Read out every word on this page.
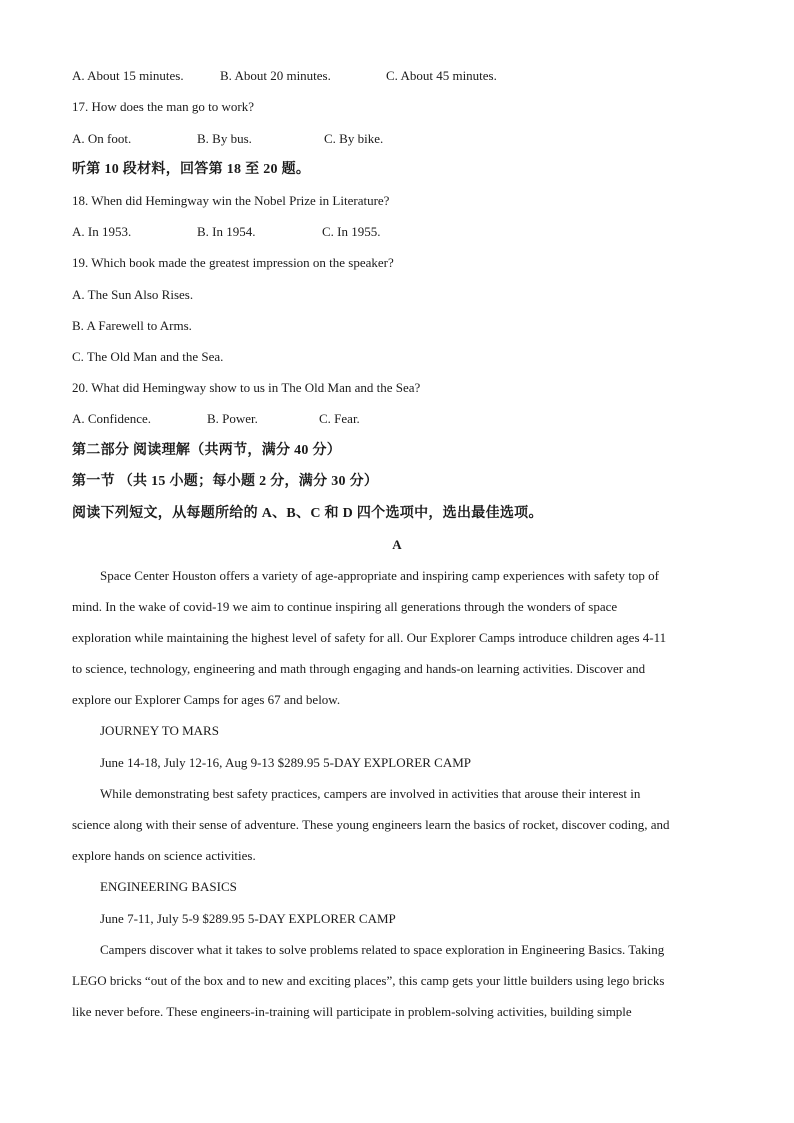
A. About 15 minutes.	B. About 20 minutes.	C. About 45 minutes.
17. How does the man go to work?
A. On foot.	B. By bus.	C. By bike.
听第 10 段材料，回答第 18 至 20 题。
18. When did Hemingway win the Nobel Prize in Literature?
A. In 1953.	B. In 1954.	C. In 1955.
19. Which book made the greatest impression on the speaker?
A. The Sun Also Rises.
B. A Farewell to Arms.
C. The Old Man and the Sea.
20. What did Hemingway show to us in The Old Man and the Sea?
A. Confidence.	B. Power.	C. Fear.
第二部分 阅读理解（共两节，满分 40 分）
第一节 （共 15 小题；每小题 2 分，满分 30 分）
阅读下列短文，从每题所给的 A、B、C 和 D 四个选项中，选出最佳选项。
A
Space Center Houston offers a variety of age-appropriate and inspiring camp experiences with safety top of
mind. In the wake of covid-19 we aim to continue inspiring all generations through the wonders of space
exploration while maintaining the highest level of safety for all. Our Explorer Camps introduce children ages 4-11
to science, technology, engineering and math through engaging and hands-on learning activities. Discover and
explore our Explorer Camps for ages 67 and below.
JOURNEY TO MARS
June 14-18, July 12-16, Aug 9-13 $289.95 5-DAY EXPLORER CAMP
While demonstrating best safety practices, campers are involved in activities that arouse their interest in
science along with their sense of adventure. These young engineers learn the basics of rocket, discover coding, and
explore hands on science activities.
ENGINEERING BASICS
June 7-11, July 5-9 $289.95 5-DAY EXPLORER CAMP
Campers discover what it takes to solve problems related to space exploration in Engineering Basics. Taking
LEGO bricks “out of the box and to new and exciting places”, this camp gets your little builders using lego bricks
like never before. These engineers-in-training will participate in problem-solving activities, building simple
